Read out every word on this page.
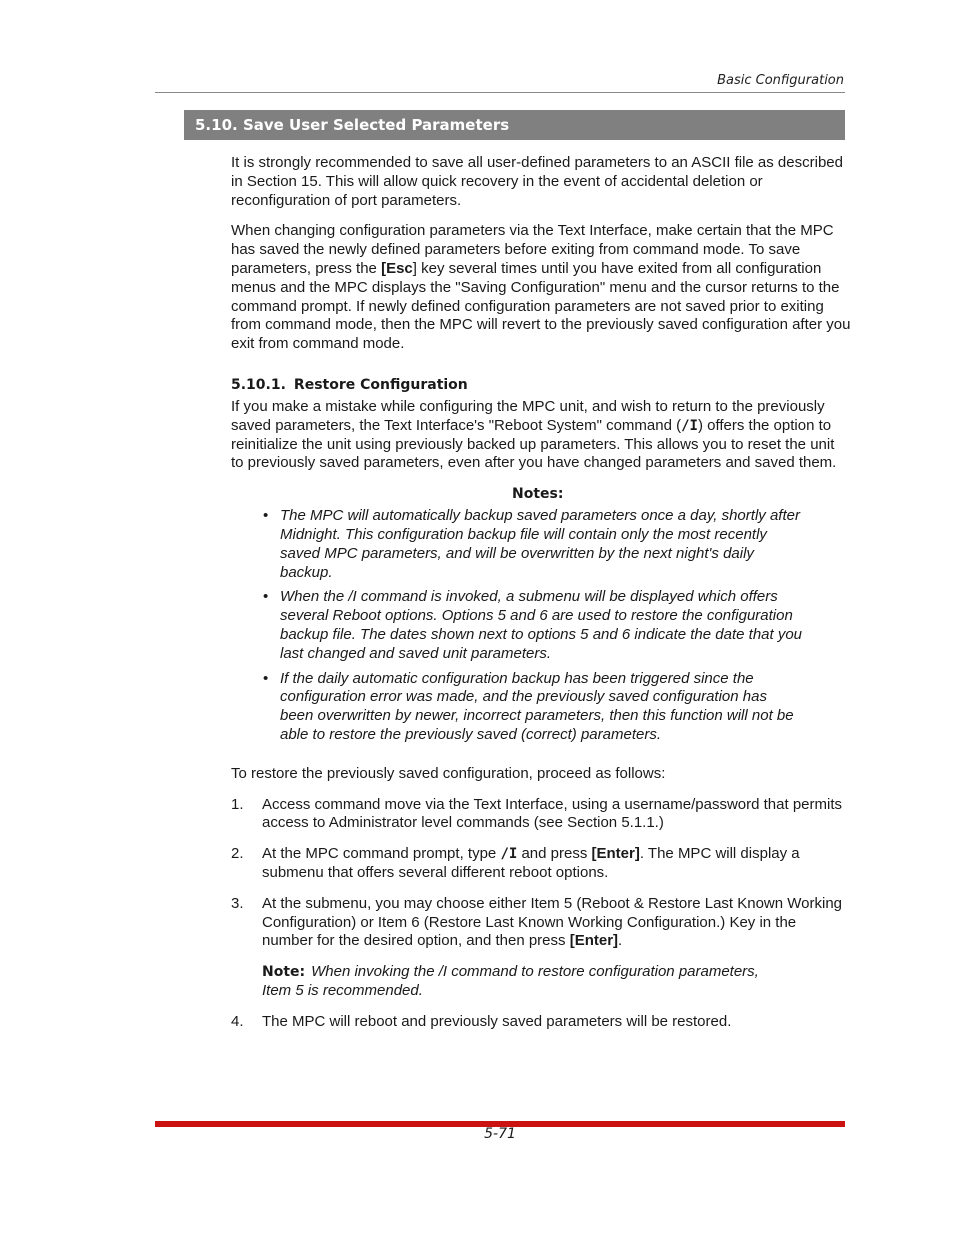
Basic Configuration
5.10. Save User Selected Parameters

It is strongly recommended to save all user-defined parameters to an ASCII file as described in Section 15. This will allow quick recovery in the event of accidental deletion or reconfiguration of port parameters.

When changing configuration parameters via the Text Interface, make certain that the MPC has saved the newly defined parameters before exiting from command mode. To save parameters, press the [Esc] key several times until you have exited from all configuration menus and the MPC displays the "Saving Configuration" menu and the cursor returns to the command prompt. If newly defined configuration parameters are not saved prior to exiting from command mode, then the MPC will revert to the previously saved configuration after you exit from command mode.

5.10.1. Restore Configuration

If you make a mistake while configuring the MPC unit, and wish to return to the previously saved parameters, the Text Interface's "Reboot System" command (/I) offers the option to reinitialize the unit using previously backed up parameters. This allows you to reset the unit to previously saved parameters, even after you have changed parameters and saved them.

Notes:
• The MPC will automatically backup saved parameters once a day, shortly after Midnight. This configuration backup file will contain only the most recently saved MPC parameters, and will be overwritten by the next night's daily backup.
• When the /I command is invoked, a submenu will be displayed which offers several Reboot options. Options 5 and 6 are used to restore the configuration backup file. The dates shown next to options 5 and 6 indicate the date that you last changed and saved unit parameters.
• If the daily automatic configuration backup has been triggered since the configuration error was made, and the previously saved configuration has been overwritten by newer, incorrect parameters, then this function will not be able to restore the previously saved (correct) parameters.

To restore the previously saved configuration, proceed as follows:

1. Access command move via the Text Interface, using a username/password that permits access to Administrator level commands (see Section 5.1.1.)
2. At the MPC command prompt, type /I and press [Enter]. The MPC will display a submenu that offers several different reboot options.
3. At the submenu, you may choose either Item 5 (Reboot & Restore Last Known Working Configuration) or Item 6 (Restore Last Known Working Configuration.) Key in the number for the desired option, and then press [Enter].
Note: When invoking the /I command to restore configuration parameters, Item 5 is recommended.
4. The MPC will reboot and previously saved parameters will be restored.
5-71
